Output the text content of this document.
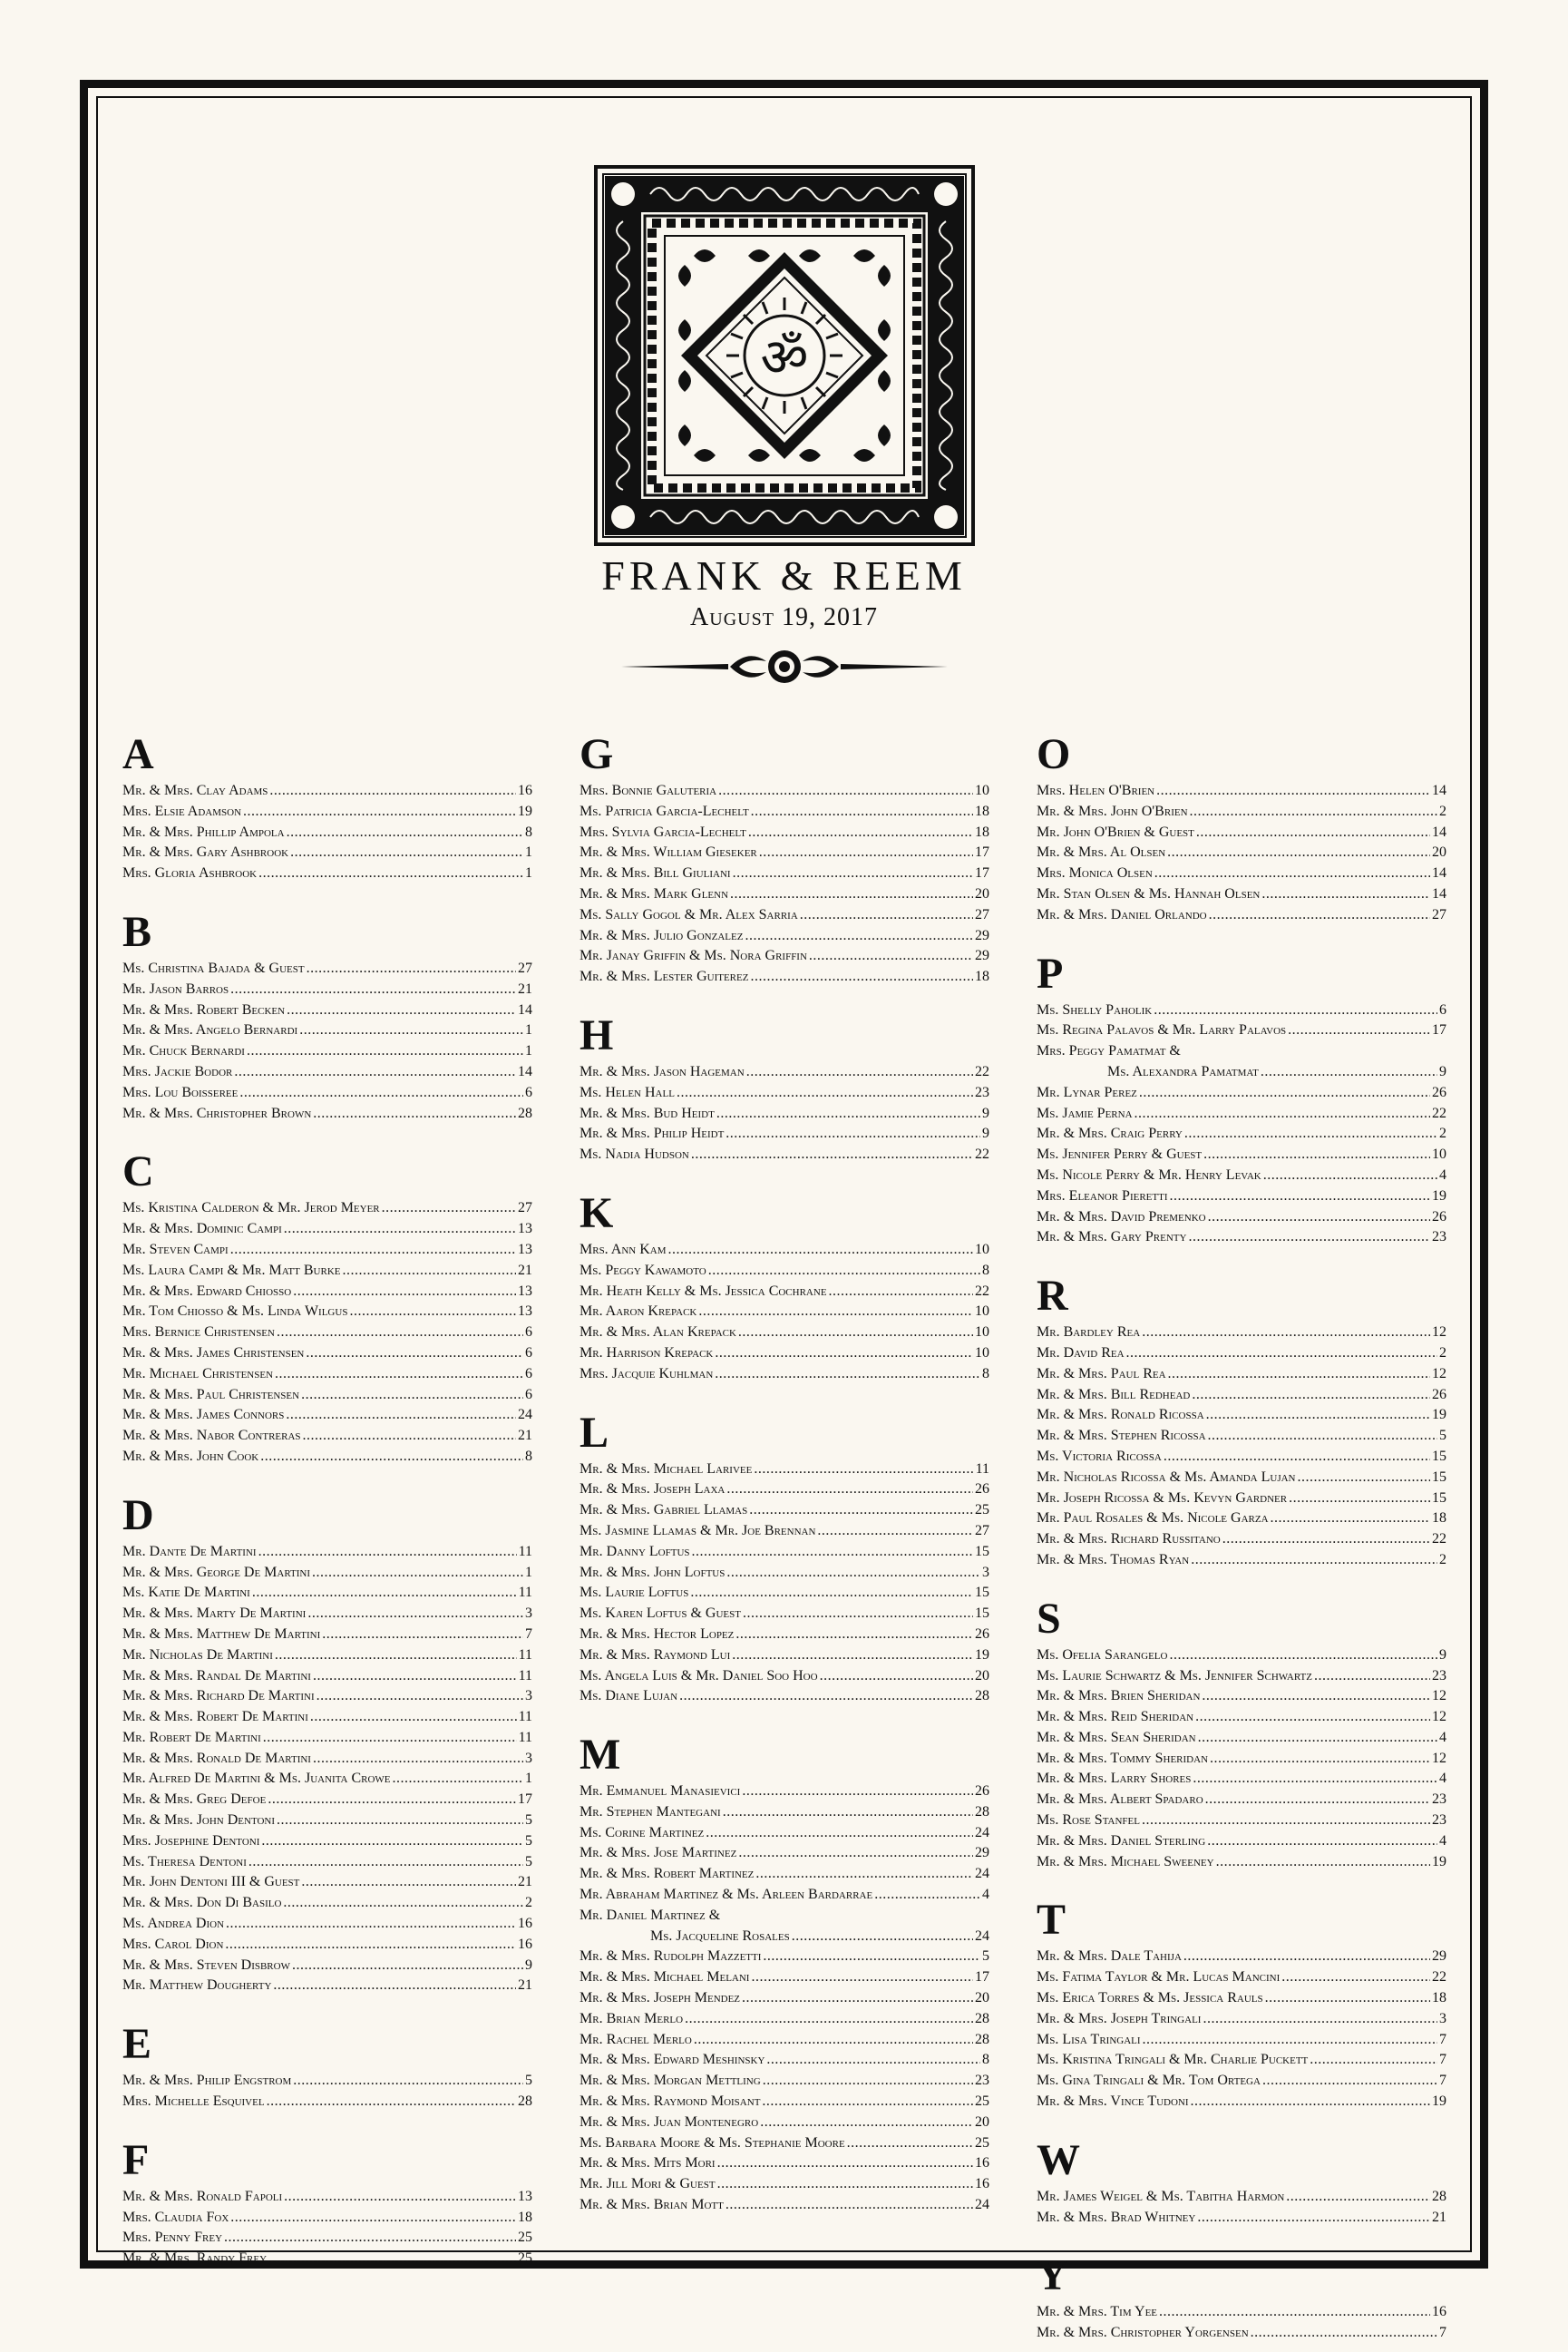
ॐ
FRANK & REEM
August 19, 2017
A
Mr. & Mrs. Clay Adams .....	16
Mrs. Elsie Adamson .....	19
Mr. & Mrs. Phillip Ampola .....	8
Mr. & Mrs. Gary Ashbrook .....	1
Mrs. Gloria Ashbrook .....	1
B
Ms. Christina Bajada & Guest .....	27
Mr. Jason Barros .....	21
Mr. & Mrs. Robert Becken .....	14
Mr. & Mrs. Angelo Bernardi .....	1
Mr. Chuck Bernardi .....	1
Mrs. Jackie Bodor .....	14
Mrs. Lou Boisseree .....	6
Mr. & Mrs. Christopher Brown .....	28
C
Ms. Kristina Calderon & Mr. Jerod Meyer .....	27
Mr. & Mrs. Dominic Campi .....	13
Mr. Steven Campi .....	13
Ms. Laura Campi & Mr. Matt Burke .....	21
Mr. & Mrs. Edward Chiosso .....	13
Mr. Tom Chiosso & Ms. Linda Wilgus .....	13
Mrs. Bernice Christensen .....	6
Mr. & Mrs. James Christensen .....	6
Mr. Michael Christensen .....	6
Mr. & Mrs. Paul Christensen .....	6
Mr. & Mrs. James Connors .....	24
Mr. & Mrs. Nabor Contreras .....	21
Mr. & Mrs. John Cook .....	8
D
Mr. Dante De Martini .....	11
Mr. & Mrs. George De Martini .....	1
Ms. Katie De Martini .....	11
Mr. & Mrs. Marty De Martini .....	3
Mr. & Mrs. Matthew De Martini .....	7
Mr. Nicholas De Martini .....	11
Mr. & Mrs. Randal De Martini .....	11
Mr. & Mrs. Richard De Martini .....	3
Mr. & Mrs. Robert De Martini .....	11
Mr. Robert De Martini .....	11
Mr. & Mrs. Ronald De Martini .....	3
Mr. Alfred De Martini & Ms. Juanita Crowe .....	1
Mr. & Mrs. Greg Defoe .....	17
Mr. & Mrs. John Dentoni .....	5
Mrs. Josephine Dentoni .....	5
Ms. Theresa Dentoni .....	5
Mr. John Dentoni III & Guest .....	21
Mr. & Mrs. Don Di Basilo .....	2
Ms. Andrea Dion .....	16
Mrs. Carol Dion .....	16
Mr. & Mrs. Steven Disbrow .....	9
Mr. Matthew Dougherty .....	21
E
Mr. & Mrs. Philip Engstrom .....	5
Mrs. Michelle Esquivel .....	28
F
Mr. & Mrs. Ronald Fapoli .....	13
Mrs. Claudia Fox .....	18
Mrs. Penny Frey .....	25
Mr. & Mrs. Randy Frey .....	25
G
Mrs. Bonnie Galuteria .....	10
Ms. Patricia Garcia-Lechelt .....	18
Mrs. Sylvia Garcia-Lechelt .....	18
Mr. & Mrs. William Gieseker .....	17
Mr. & Mrs. Bill Giuliani .....	17
Mr. & Mrs. Mark Glenn .....	20
Ms. Sally Gogol & Mr. Alex Sarria .....	27
Mr. & Mrs. Julio Gonzalez .....	29
Mr. Janay Griffin & Ms. Nora Griffin .....	29
Mr. & Mrs. Lester Guiterez .....	18
H
Mr. & Mrs. Jason Hageman .....	22
Ms. Helen Hall .....	23
Mr. & Mrs. Bud Heidt .....	9
Mr. & Mrs. Philip Heidt .....	9
Ms. Nadia Hudson .....	22
K
Mrs. Ann Kam .....	10
Ms. Peggy Kawamoto .....	8
Mr. Heath Kelly & Ms. Jessica Cochrane .....	22
Mr. Aaron Krepack .....	10
Mr. & Mrs. Alan Krepack .....	10
Mr. Harrison Krepack .....	10
Mrs. Jacquie Kuhlman .....	8
L
Mr. & Mrs. Michael Larivee .....	11
Mr. & Mrs. Joseph Laxa .....	26
Mr. & Mrs. Gabriel Llamas .....	25
Ms. Jasmine Llamas & Mr. Joe Brennan .....	27
Mr. Danny Loftus .....	15
Mr. & Mrs. John Loftus .....	3
Ms. Laurie Loftus .....	15
Ms. Karen Loftus & Guest .....	15
Mr. & Mrs. Hector Lopez .....	26
Mr. & Mrs. Raymond Lui .....	19
Ms. Angela Luis & Mr. Daniel Soo Hoo .....	20
Ms. Diane Lujan .....	28
M
Mr. Emmanuel Manasievici .....	26
Mr. Stephen Mantegani .....	28
Ms. Corine Martinez .....	24
Mr. & Mrs. Jose Martinez .....	29
Mr. & Mrs. Robert Martinez .....	24
Mr. Abraham Martinez & Ms. Arleen Bardarrae .....	4
Mr. Daniel Martinez &
Ms. Jacqueline Rosales .....	24
Mr. & Mrs. Rudolph Mazzetti .....	5
Mr. & Mrs. Michael Melani .....	17
Mr. & Mrs. Joseph Mendez .....	20
Mr. Brian Merlo .....	28
Mr. Rachel Merlo .....	28
Mr. & Mrs. Edward Meshinsky .....	8
Mr. & Mrs. Morgan Mettling .....	23
Mr. & Mrs. Raymond Moisant .....	25
Mr. & Mrs. Juan Montenegro .....	20
Ms. Barbara Moore & Ms. Stephanie Moore .....	25
Mr. & Mrs. Mits Mori .....	16
Mr. Jill Mori & Guest .....	16
Mr. & Mrs. Brian Mott .....	24
O
Mrs. Helen O'Brien .....	14
Mr. & Mrs. John O'Brien .....	2
Mr. John O'Brien & Guest .....	14
Mr. & Mrs. Al Olsen .....	20
Mrs. Monica Olsen .....	14
Mr. Stan Olsen & Ms. Hannah Olsen .....	14
Mr. & Mrs. Daniel Orlando .....	27
P
Ms. Shelly Paholik .....	6
Ms. Regina Palavos & Mr. Larry Palavos .....	17
Mrs. Peggy Pamatmat &
Ms. Alexandra Pamatmat .....	9
Mr. Lynar Perez .....	26
Ms. Jamie Perna .....	22
Mr. & Mrs. Craig Perry .....	2
Ms. Jennifer Perry & Guest .....	10
Ms. Nicole Perry & Mr. Henry Levak .....	4
Mrs. Eleanor Pieretti .....	19
Mr. & Mrs. David Premenko .....	26
Mr. & Mrs. Gary Prenty .....	23
R
Mr. Bardley Rea .....	12
Mr. David Rea .....	2
Mr. & Mrs. Paul Rea .....	12
Mr. & Mrs. Bill Redhead .....	26
Mr. & Mrs. Ronald Ricossa .....	19
Mr. & Mrs. Stephen Ricossa .....	5
Ms. Victoria Ricossa .....	15
Mr. Nicholas Ricossa & Ms. Amanda Lujan .....	15
Mr. Joseph Ricossa & Ms. Kevyn Gardner .....	15
Mr. Paul Rosales & Ms. Nicole Garza .....	18
Mr. & Mrs. Richard Russitano .....	22
Mr. & Mrs. Thomas Ryan .....	2
S
Ms. Ofelia Sarangelo .....	9
Ms. Laurie Schwartz & Ms. Jennifer Schwartz .....	23
Mr. & Mrs. Brien Sheridan .....	12
Mr. & Mrs. Reid Sheridan .....	12
Mr. & Mrs. Sean Sheridan .....	4
Mr. & Mrs. Tommy Sheridan .....	12
Mr. & Mrs. Larry Shores .....	4
Mr. & Mrs. Albert Spadaro .....	23
Ms. Rose Stanfel .....	23
Mr. & Mrs. Daniel Sterling .....	4
Mr. & Mrs. Michael Sweeney .....	19
T
Mr. & Mrs. Dale Tahija .....	29
Ms. Fatima Taylor & Mr. Lucas Mancini .....	22
Ms. Erica Torres & Ms. Jessica Rauls .....	18
Mr. & Mrs. Joseph Tringali .....	3
Ms. Lisa Tringali .....	7
Ms. Kristina Tringali & Mr. Charlie Puckett .....	7
Ms. Gina Tringali & Mr. Tom Ortega .....	7
Mr. & Mrs. Vince Tudoni .....	19
W
Mr. James Weigel & Ms. Tabitha Harmon .....	28
Mr. & Mrs. Brad Whitney .....	21
Y
Mr. & Mrs. Tim Yee .....	16
Mr. & Mrs. Christopher Yorgensen .....	7
